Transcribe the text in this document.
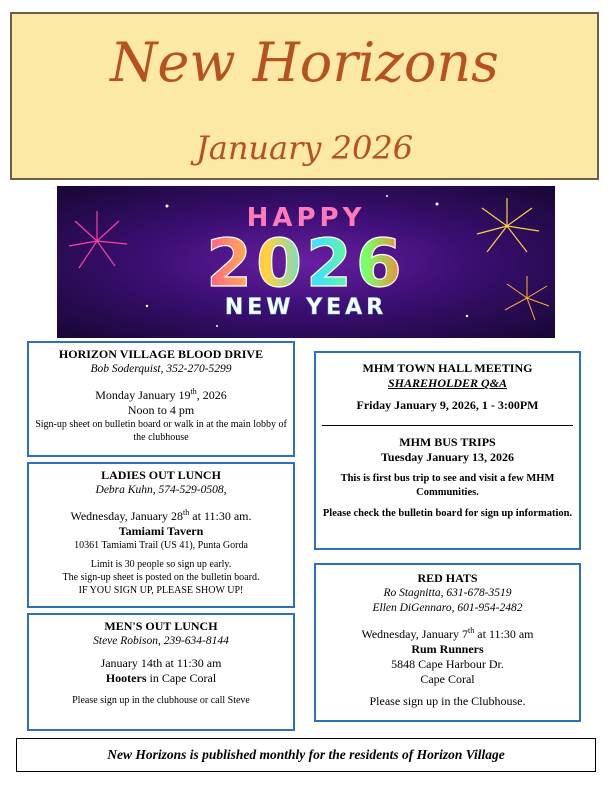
New Horizons
January 2026
HAPPY
2026
NEW YEAR
HORIZON VILLAGE BLOOD DRIVE
Bob Soderquist, 352-270-5299
Monday January 19th, 2026
Noon to 4 pm
Sign-up sheet on bulletin board or walk in at the main lobby of the clubhouse
LADIES OUT LUNCH
Debra Kuhn, 574-529-0508,
Wednesday, January 28th at 11:30 am.
Tamiami Tavern
10361 Tamiami Trail (US 41), Punta Gorda
Limit is 30 people so sign up early.
The sign-up sheet is posted on the bulletin board.
IF YOU SIGN UP, PLEASE SHOW UP!
MEN'S OUT LUNCH
Steve Robison, 239-634-8144
January 14th at 11:30 am
Hooters in Cape Coral
Please sign up in the clubhouse or call Steve
MHM TOWN HALL MEETING
SHAREHOLDER Q&A
Friday January 9, 2026, 1 - 3:00PM
MHM BUS TRIPS
Tuesday January 13, 2026
This is first bus trip to see and visit a few MHM Communities.
Please check the bulletin board for sign up information.
RED HATS
Ro Stagnitta, 631-678-3519
Ellen DiGennaro, 601-954-2482
Wednesday, January 7th at 11:30 am
Rum Runners
5848 Cape Harbour Dr.
Cape Coral
Please sign up in the Clubhouse.
New Horizons is published monthly for the residents of Horizon Village
